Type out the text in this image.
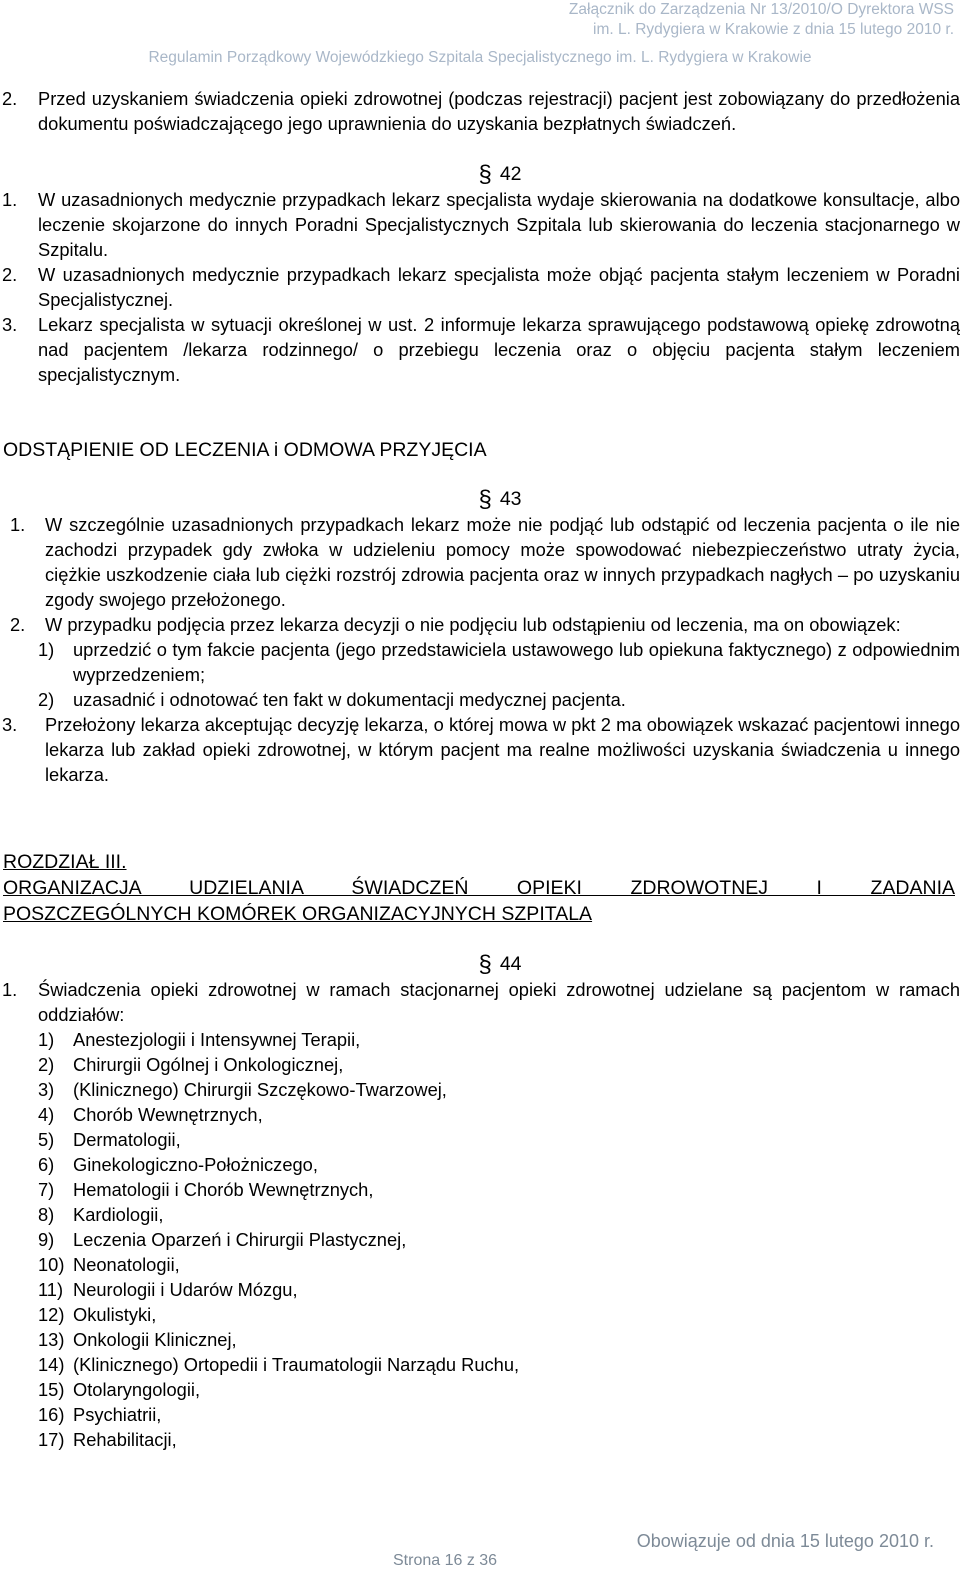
Załącznik do Zarządzenia Nr 13/2010/O Dyrektora WSS
im. L. Rydygiera w Krakowie z dnia 15 lutego 2010 r.
Regulamin Porządkowy Wojewódzkiego Szpitala Specjalistycznego im. L. Rydygiera w Krakowie
2. Przed uzyskaniem świadczenia opieki zdrowotnej (podczas rejestracji) pacjent jest zobowiązany do przedłożenia dokumentu poświadczającego jego uprawnienia do uzyskania bezpłatnych świadczeń.
§ 42
1. W uzasadnionych medycznie przypadkach lekarz specjalista wydaje skierowania na dodatkowe konsultacje, albo leczenie skojarzone do innych Poradni Specjalistycznych Szpitala lub skierowania do leczenia stacjonarnego w Szpitalu.
2. W uzasadnionych medycznie przypadkach lekarz specjalista może objąć pacjenta stałym leczeniem w Poradni Specjalistycznej.
3. Lekarz specjalista w sytuacji określonej w ust. 2 informuje lekarza sprawującego podstawową opiekę zdrowotną nad pacjentem /lekarza rodzinnego/ o przebiegu leczenia oraz o objęciu pacjenta stałym leczeniem specjalistycznym.
ODSTĄPIENIE OD LECZENIA i ODMOWA PRZYJĘCIA
§ 43
1. W szczególnie uzasadnionych przypadkach lekarz może nie podjąć lub odstąpić od leczenia pacjenta o ile nie zachodzi przypadek gdy zwłoka w udzieleniu pomocy może spowodować niebezpieczeństwo utraty życia, ciężkie uszkodzenie ciała lub ciężki rozstrój zdrowia pacjenta oraz w innych przypadkach nagłych – po uzyskaniu zgody swojego przełożonego.
2. W przypadku podjęcia przez lekarza decyzji o nie podjęciu lub odstąpieniu od leczenia, ma on obowiązek:
1) uprzedzić o tym fakcie pacjenta (jego przedstawiciela ustawowego lub opiekuna faktycznego) z odpowiednim wyprzedzeniem;
2) uzasadnić i odnotować ten fakt w dokumentacji medycznej pacjenta.
3. Przełożony lekarza akceptując decyzję lekarza, o której mowa w pkt 2 ma obowiązek wskazać pacjentowi innego lekarza lub zakład opieki zdrowotnej, w którym pacjent ma realne możliwości uzyskania świadczenia u innego lekarza.
ROZDZIAŁ III.
ORGANIZACJA UDZIELANIA ŚWIADCZEŃ OPIEKI ZDROWOTNEJ I ZADANIA
POSZCZEGÓLNYCH KOMÓREK ORGANIZACYJNYCH SZPITALA
§ 44
1. Świadczenia opieki zdrowotnej w ramach stacjonarnej opieki zdrowotnej udzielane są pacjentom w ramach oddziałów:
1) Anestezjologii i Intensywnej Terapii,
2) Chirurgii Ogólnej i Onkologicznej,
3) (Klinicznego) Chirurgii Szczękowo-Twarzowej,
4) Chorób Wewnętrznych,
5) Dermatologii,
6) Ginekologiczno-Położniczego,
7) Hematologii i Chorób Wewnętrznych,
8) Kardiologii,
9) Leczenia Oparzeń i Chirurgii Plastycznej,
10) Neonatologii,
11) Neurologii i Udarów Mózgu,
12) Okulistyki,
13) Onkologii Klinicznej,
14) (Klinicznego) Ortopedii i Traumatologii Narządu Ruchu,
15) Otolaryngologii,
16) Psychiatrii,
17) Rehabilitacji,
Obowiązuje od dnia 15 lutego 2010 r.
Strona 16 z 36
